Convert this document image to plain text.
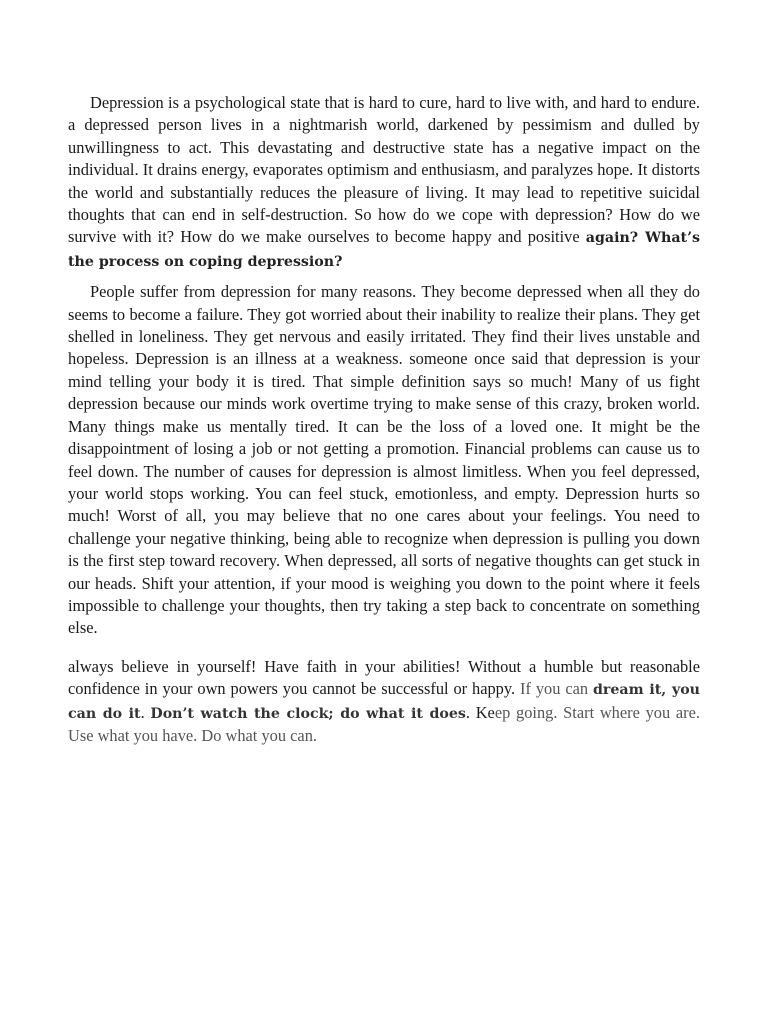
Depression is a psychological state that is hard to cure, hard to live with, and hard to endure. a depressed person lives in a nightmarish world, darkened by pessimism and dulled by unwillingness to act. This devastating and destructive state has a negative impact on the individual. It drains energy, evaporates optimism and enthusiasm, and paralyzes hope. It distorts the world and substantially reduces the pleasure of living. It may lead to repetitive suicidal thoughts that can end in self-destruction. So how do we cope with depression? How do we survive with it? How do we make ourselves to become happy and positive again? What’s the process on coping depression?

People suffer from depression for many reasons. They become depressed when all they do seems to become a failure. They got worried about their inability to realize their plans. They get shelled in loneliness. They get nervous and easily irritated. They find their lives unstable and hopeless. Depression is an illness at a weakness. someone once said that depression is your mind telling your body it is tired. That simple definition says so much! Many of us fight depression because our minds work overtime trying to make sense of this crazy, broken world. Many things make us mentally tired. It can be the loss of a loved one. It might be the disappointment of losing a job or not getting a promotion. Financial problems can cause us to feel down. The number of causes for depression is almost limitless. When you feel depressed, your world stops working. You can feel stuck, emotionless, and empty. Depression hurts so much! Worst of all, you may believe that no one cares about your feelings. You need to challenge your negative thinking, being able to recognize when depression is pulling you down is the first step toward recovery. When depressed, all sorts of negative thoughts can get stuck in our heads. Shift your attention, if your mood is weighing you down to the point where it feels impossible to challenge your thoughts, then try taking a step back to concentrate on something else.

always believe in yourself! Have faith in your abilities! Without a humble but reasonable confidence in your own powers you cannot be successful or happy. If you can dream it, you can do it. Don’t watch the clock; do what it does. Keep going. Start where you are. Use what you have. Do what you can.
